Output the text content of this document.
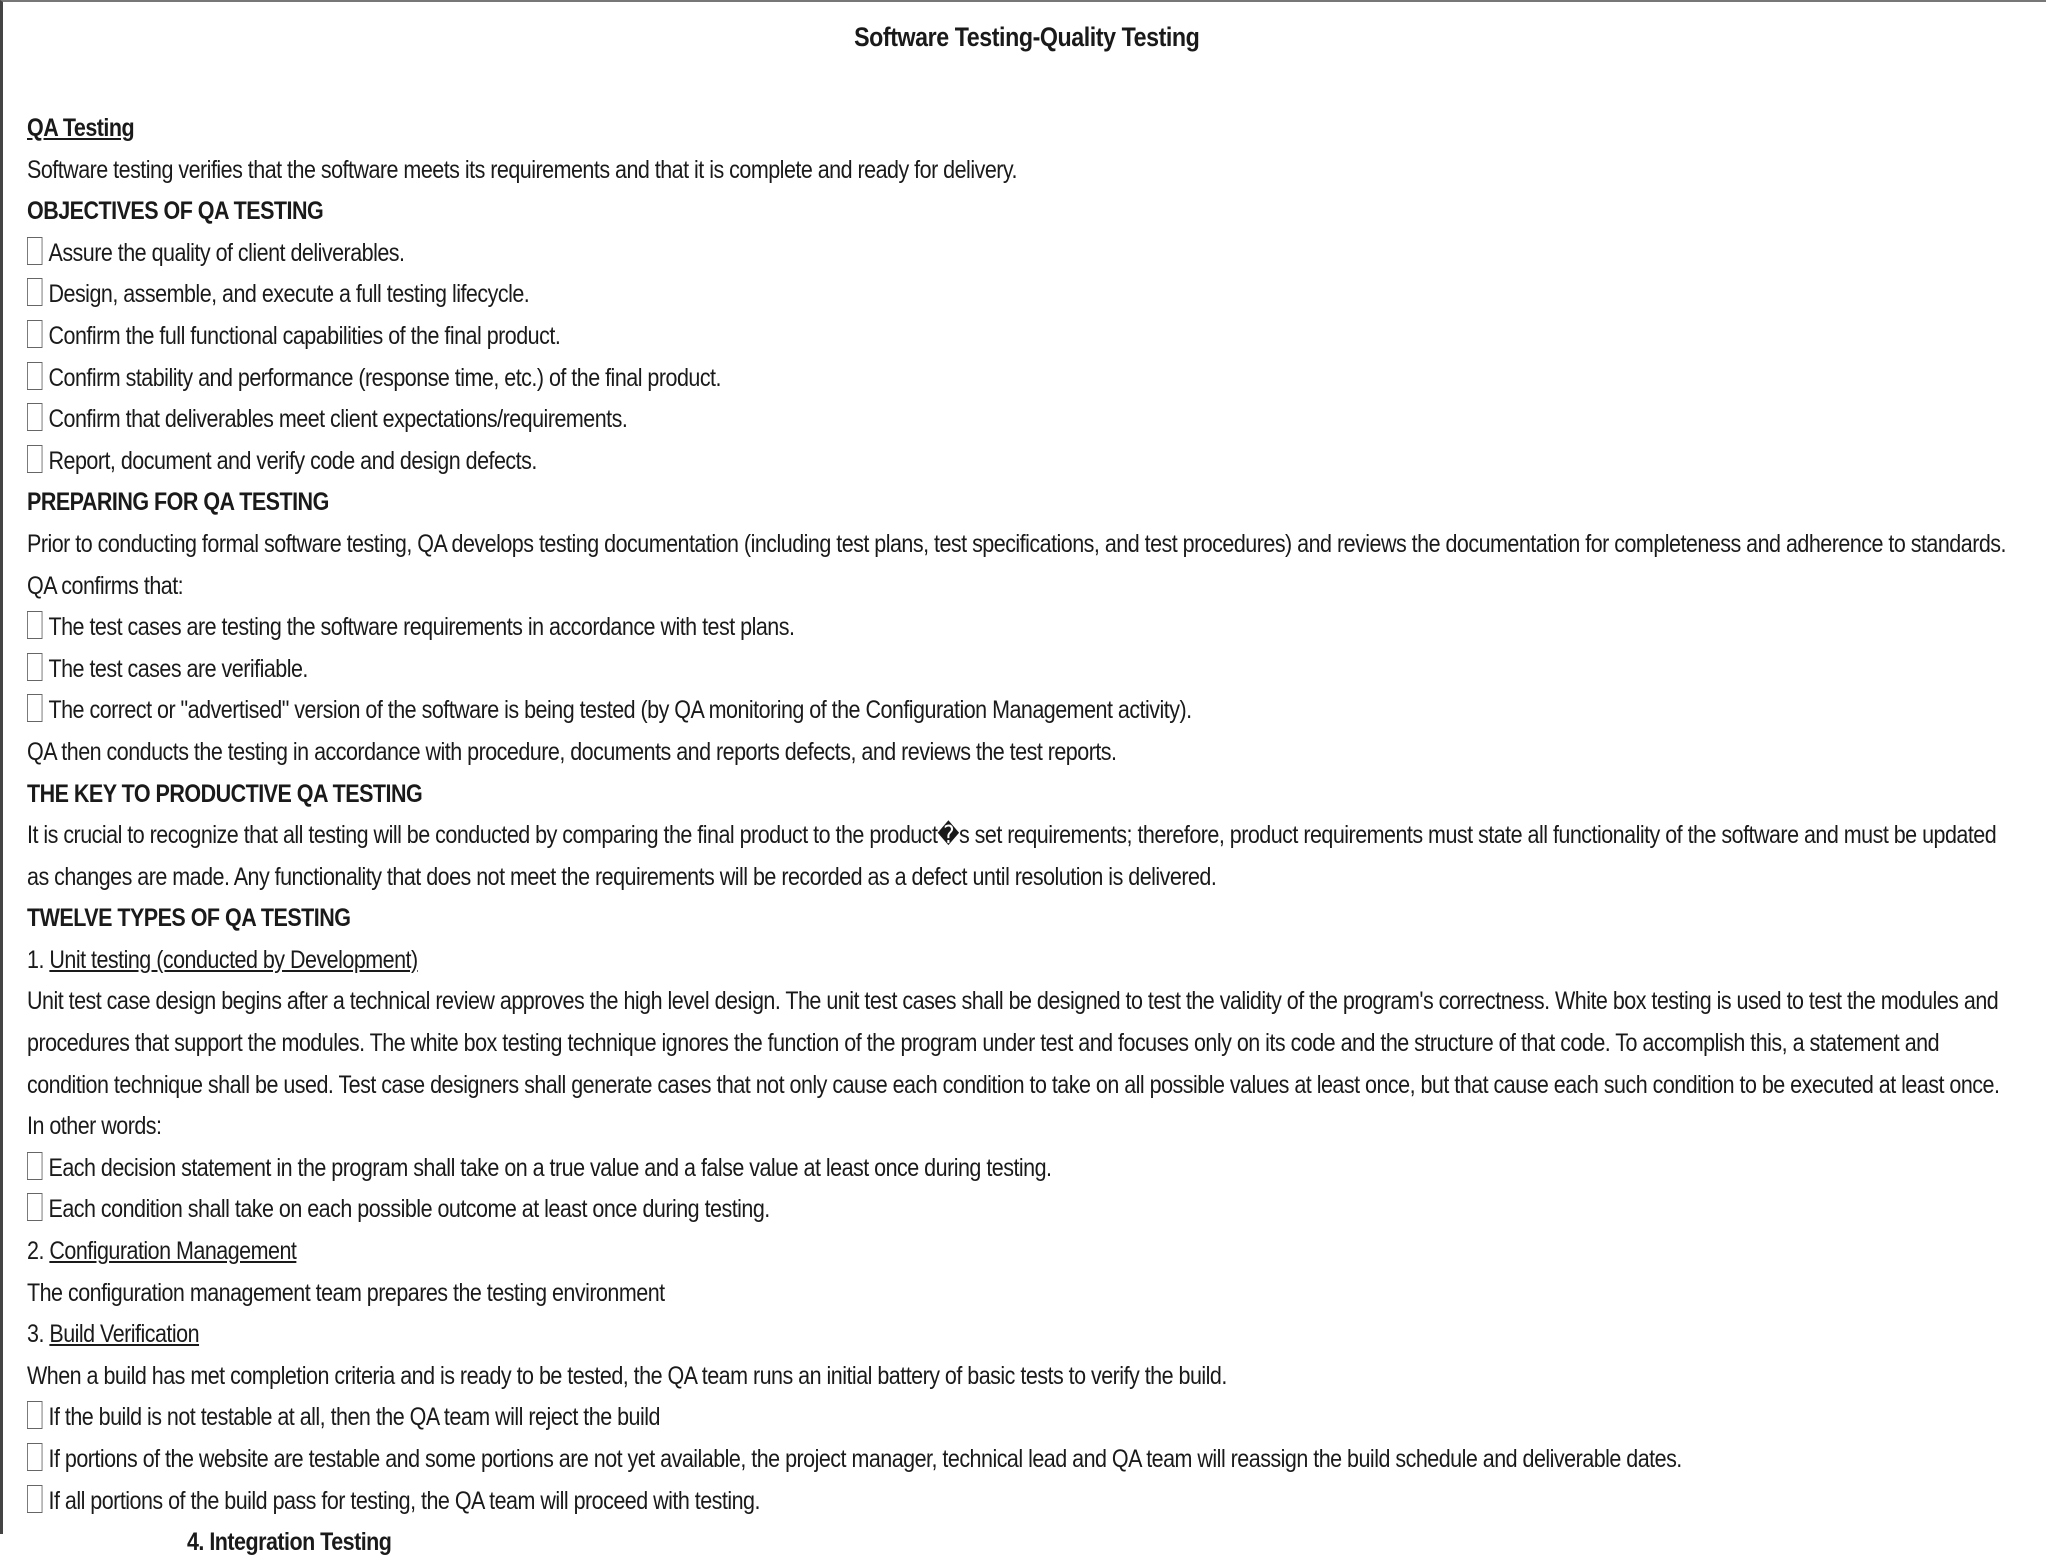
Software Testing-Quality Testing
QA Testing
Software testing verifies that the software meets its requirements and that it is complete and ready for delivery.
OBJECTIVES OF QA TESTING
Assure the quality of client deliverables.
Design, assemble, and execute a full testing lifecycle.
Confirm the full functional capabilities of the final product.
Confirm stability and performance (response time, etc.) of the final product.
Confirm that deliverables meet client expectations/requirements.
Report, document and verify code and design defects.
PREPARING FOR QA TESTING
Prior to conducting formal software testing, QA develops testing documentation (including test plans, test specifications, and test procedures) and reviews the documentation for completeness and adherence to standards. QA confirms that:
The test cases are testing the software requirements in accordance with test plans.
The test cases are verifiable.
The correct or "advertised" version of the software is being tested (by QA monitoring of the Configuration Management activity).
QA then conducts the testing in accordance with procedure, documents and reports defects, and reviews the test reports.
THE KEY TO PRODUCTIVE QA TESTING
It is crucial to recognize that all testing will be conducted by comparing the final product to the product�s set requirements; therefore, product requirements must state all functionality of the software and must be updated as changes are made. Any functionality that does not meet the requirements will be recorded as a defect until resolution is delivered.
TWELVE TYPES OF QA TESTING
1. Unit testing (conducted by Development)
Unit test case design begins after a technical review approves the high level design. The unit test cases shall be designed to test the validity of the program's correctness. White box testing is used to test the modules and procedures that support the modules. The white box testing technique ignores the function of the program under test and focuses only on its code and the structure of that code. To accomplish this, a statement and condition technique shall be used. Test case designers shall generate cases that not only cause each condition to take on all possible values at least once, but that cause each such condition to be executed at least once. In other words:
Each decision statement in the program shall take on a true value and a false value at least once during testing.
Each condition shall take on each possible outcome at least once during testing.
2. Configuration Management
The configuration management team prepares the testing environment
3. Build Verification
When a build has met completion criteria and is ready to be tested, the QA team runs an initial battery of basic tests to verify the build.
If the build is not testable at all, then the QA team will reject the build
If portions of the website are testable and some portions are not yet available, the project manager, technical lead and QA team will reassign the build schedule and deliverable dates.
If all portions of the build pass for testing, the QA team will proceed with testing.
4. Integration Testing
